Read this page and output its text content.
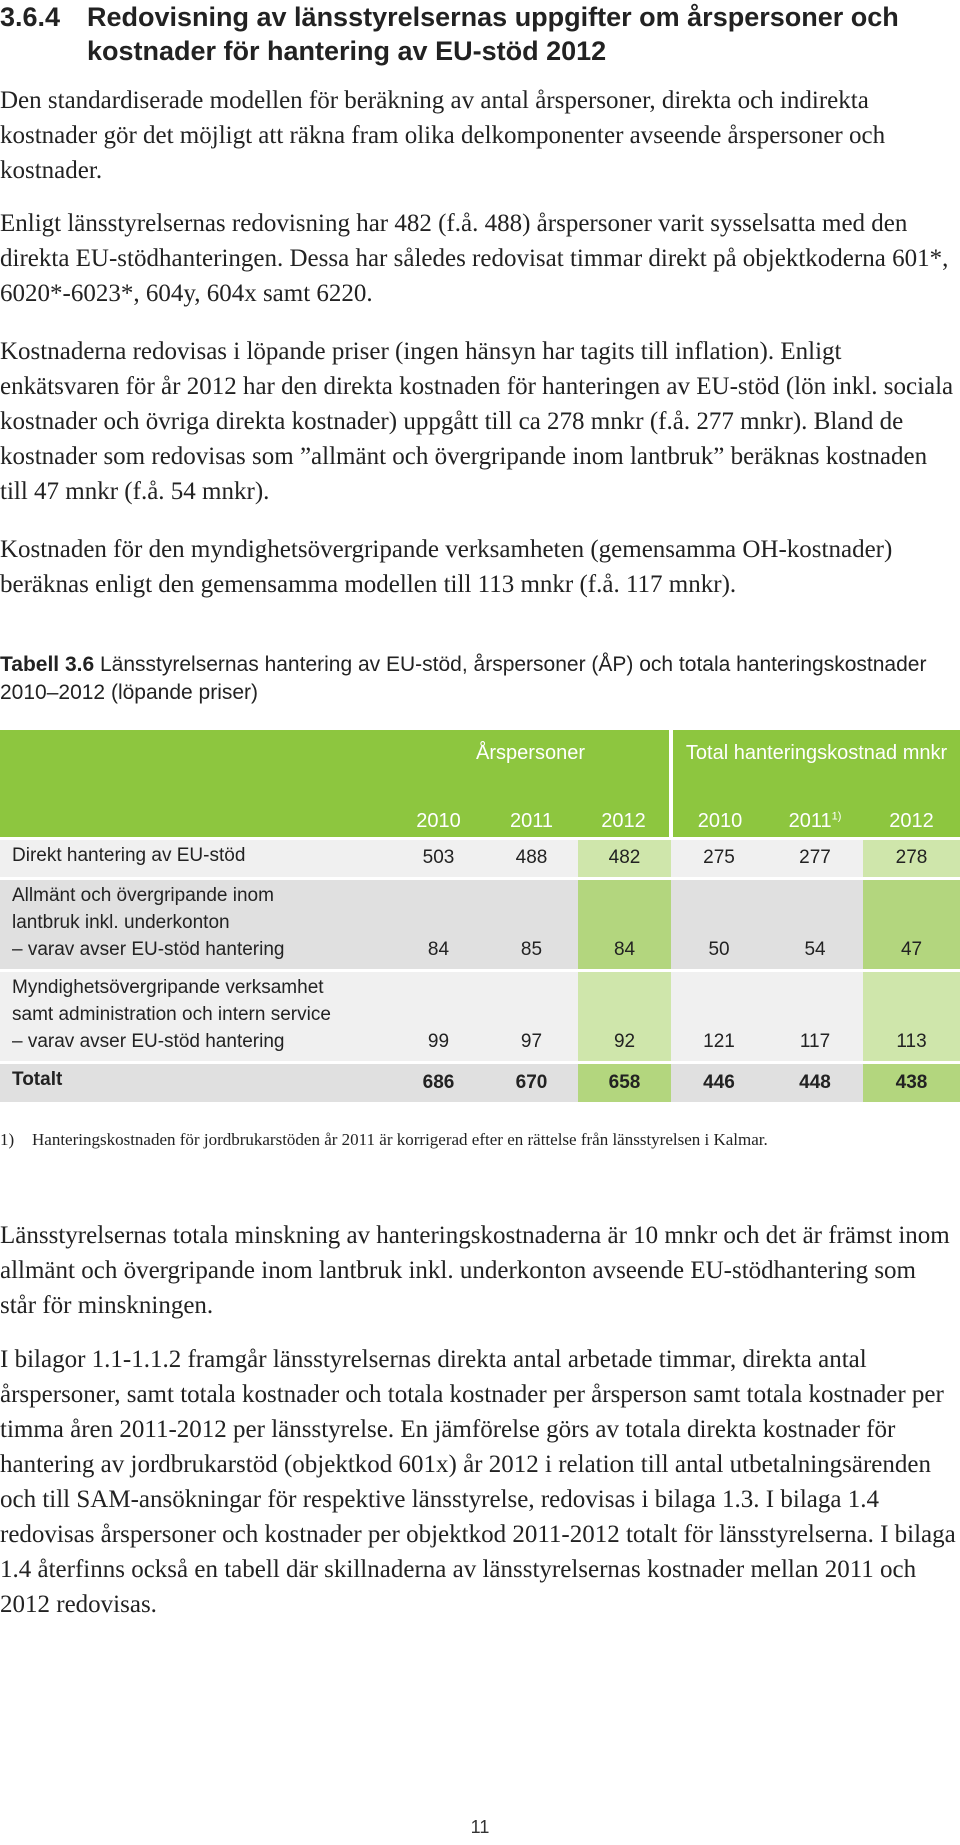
3.6.4 Redovisning av länsstyrelsernas uppgifter om årspersoner och kostnader för hantering av EU-stöd 2012

Den standardiserade modellen för beräkning av antal årspersoner, direkta och indirekta kostnader gör det möjligt att räkna fram olika delkomponenter avseende årspersoner och kostnader.

Enligt länsstyrelsernas redovisning har 482 (f.å. 488) årspersoner varit sysselsatta med den direkta EU-stödhanteringen. Dessa har således redovisat timmar direkt på objektkoderna 601*, 6020*-6023*, 604y, 604x samt 6220.

Kostnaderna redovisas i löpande priser (ingen hänsyn har tagits till inflation). Enligt enkätsvaren för år 2012 har den direkta kostnaden för hanteringen av EU-stöd (lön inkl. sociala kostnader och övriga direkta kostnader) uppgått till ca 278 mnkr (f.å. 277 mnkr). Bland de kostnader som redovisas som ”allmänt och övergripande inom lantbruk” beräknas kostnaden till 47 mnkr (f.å. 54 mnkr).

Kostnaden för den myndighetsövergripande verksamheten (gemensamma OH-kostnader) beräknas enligt den gemensamma modellen till 113 mnkr (f.å. 117 mnkr).

Tabell 3.6 Länsstyrelsernas hantering av EU-stöd, årspersoner (ÅP) och totala hanteringskostnader 2010–2012 (löpande priser)

	Årspersoner			Total hanteringskostnad mnkr		
	2010	2011	2012	2010	2011$^{1)}$	2012
Direkt hantering av EU-stöd	503	488	482	275	277	278

Allmänt och övergripande inom
lantbruk inkl. underkonton
– varav avser EU-stöd hantering	84	85	84	50	54	47

Myndighetsövergripande verksamhet
samt administration och intern service
– varav avser EU-stöd hantering	99	97	92	121	117	113
Totalt	686	670	658	446	448	438
1)	Hanteringskostnaden för jordbrukarstöden år 2011 är korrigerad efter en rättelse från länsstyrelsen i Kalmar.

Länsstyrelsernas totala minskning av hanteringskostnaderna är 10 mnkr och det är främst inom allmänt och övergripande inom lantbruk inkl. underkonton avseende EU-stödhantering som står för minskningen.

I bilagor 1.1-1.1.2 framgår länsstyrelsernas direkta antal arbetade timmar, direkta antal årspersoner, samt totala kostnader och totala kostnader per årsperson samt totala kostnader per timma åren 2011-2012 per länsstyrelse. En jämförelse görs av totala direkta kostnader för hantering av jordbrukarstöd (objektkod 601x) år 2012 i relation till antal utbetalningsärenden och till SAM-ansökningar för respektive länsstyrelse, redovisas i bilaga 1.3. I bilaga 1.4 redovisas årspersoner och kostnader per objektkod 2011-2012 totalt för länsstyrelserna. I bilaga 1.4 återfinns också en tabell där skillnaderna av länsstyrelsernas kostnader mellan 2011 och 2012 redovisas.

11
